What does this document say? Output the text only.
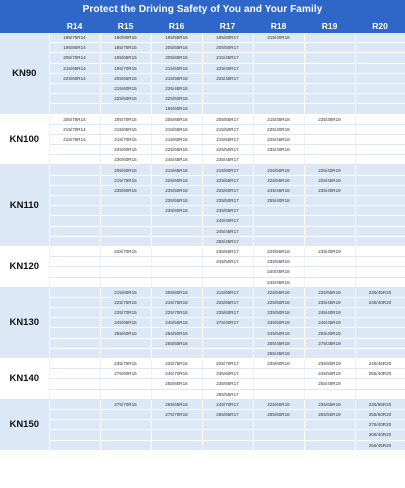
Protect the Driving Safety of You and Your Family
	R14	R15	R16	R17	R18	R19	R20
KN90	195/75R14	180/80R15	195/55R16	185/60R17	215/40R18		
	195/80R14	185/75R15	205/55R16	205/50R17			
	205/70R14	195/65R15	205/60R16	215/45R17			
	215/65R14	195/70R15	215/50R16	225/40R17			
	225/60R14	205/65R15	215/55R16	225/45R17			
		215/60R15	225/45R16				
		225/50R15	225/50R16				
			195/60R16				
KN100	205/75R14	205/70R15	205/65R16	205/55R17	215/45R18	235/35R19	
	215/70R14	215/65R15	215/55R16	215/50R17	225/40R18		
	215/75R14	215/70R15	215/60R16	215/55R17	225/45R18		
		225/60R15	225/55R16	225/50R17	235/40R18		
		230/60R15	245/45R16	235/45R17			
KN110		205/60R15	215/65R16	215/60R17	225/50R18	225/40R19	
		215/75R15	225/60R16	225/55R17	225/55R18	225/45R19	
		235/60R15	235/50R16	225/60R17	245/45R18	235/40R19	
			235/55R16	235/50R17	255/40R18		
			235/60R16	235/55R17			
				245/40R17			
				245/45R17			
				255/45R17			
KN120		225/70R15		235/55R17	225/55R18	235/40R19	
				245/50R17	235/55R18		
					240/45R18		
					245/45R18		
KN130		215/80R15	205/80R16	215/65R17	225/55R18	225/55R19	235/45R20
		225/75R15	215/75R16	225/65R17	225/60R18	235/45R19	245/40R20
		235/70R15	225/70R16	235/60R17	235/50R18	245/40R19	
		245/65R15	245/55R16	275/40R17	235/60R18	245/45R19	
		255/60R15	255/50R16		245/50R18	255/40R19	
			255/55R16		255/45R18	275/35R19	
					255/45R18		
KN140		235/75R15	225/75R16	225/70R17	235/60R18	235/50R19	245/45R20
		275/60R15	245/70R16	235/60R17		245/50R19	255/40R20
			255/60R16	235/65R17		255/45R19	
				255/55R17			
KN150		275/70R15	265/65R16	245/70R17	225/60R18	235/65R19	235/55R20
			275/70R16	265/65R17	265/60R18	255/50R19	255/50R20
							275/40R20
							305/40R20
							255/45R20
